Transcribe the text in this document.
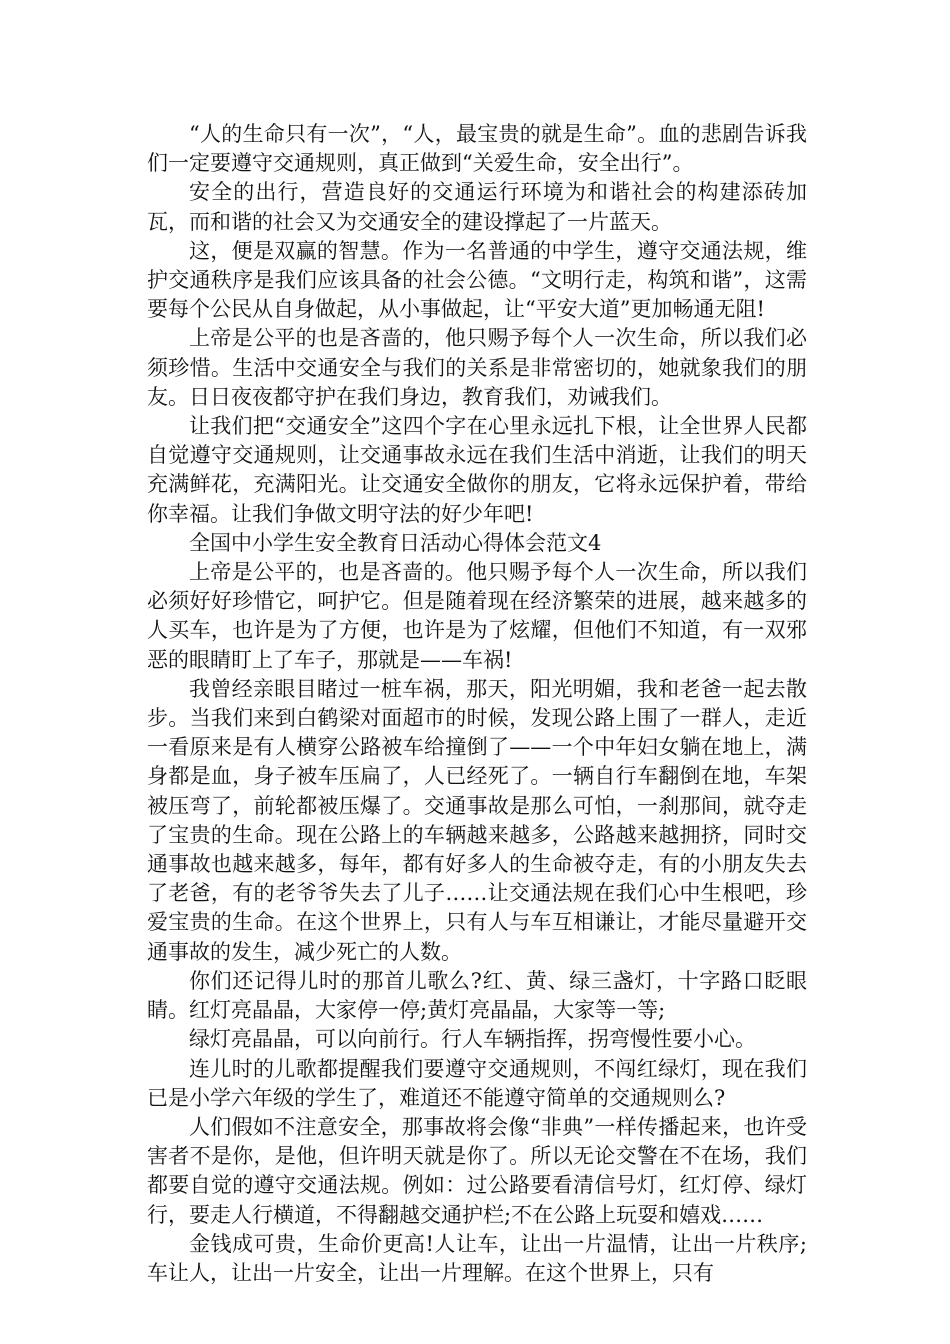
“人的生命只有一次”，“人，最宝贵的就是生命”。血的悲剧告诉我们一定要遵守交通规则，真正做到“关爱生命，安全出行”。

安全的出行，营造良好的交通运行环境为和谐社会的构建添砖加瓦，而和谐的社会又为交通安全的建设撑起了一片蓝天。

这，便是双赢的智慧。作为一名普通的中学生，遵守交通法规，维护交通秩序是我们应该具备的社会公德。“文明行走，构筑和谐”，这需要每个公民从自身做起，从小事做起，让“平安大道”更加畅通无阻!

上帝是公平的也是吝啬的，他只赐予每个人一次生命，所以我们必须珍惜。生活中交通安全与我们的关系是非常密切的，她就象我们的朋友。日日夜夜都守护在我们身边，教育我们，劝诫我们。

让我们把“交通安全”这四个字在心里永远扎下根，让全世界人民都自觉遵守交通规则，让交通事故永远在我们生活中消逝，让我们的明天充满鲜花，充满阳光。让交通安全做你的朋友，它将永远保护着，带给你幸福。让我们争做文明守法的好少年吧!

全国中小学生安全教育日活动心得体会范文4

上帝是公平的，也是吝啬的。他只赐予每个人一次生命，所以我们必须好好珍惜它，呵护它。但是随着现在经济繁荣的进展，越来越多的人买车，也许是为了方便，也许是为了炫耀，但他们不知道，有一双邪恶的眼睛盯上了车子，那就是——车祸!

我曾经亲眼目睹过一桩车祸，那天，阳光明媚，我和老爸一起去散步。当我们来到白鹤梁对面超市的时候，发现公路上围了一群人，走近一看原来是有人横穿公路被车给撞倒了——一个中年妇女躺在地上，满身都是血，身子被车压扁了，人已经死了。一辆自行车翻倒在地，车架被压弯了，前轮都被压爆了。交通事故是那么可怕，一刹那间，就夺走了宝贵的生命。现在公路上的车辆越来越多，公路越来越拥挤，同时交通事故也越来越多，每年，都有好多人的生命被夺走，有的小朋友失去了老爸，有的老爷爷失去了儿子……让交通法规在我们心中生根吧，珍爱宝贵的生命。在这个世界上，只有人与车互相谦让，才能尽量避开交通事故的发生，减少死亡的人数。

你们还记得儿时的那首儿歌么?红、黄、绿三盏灯，十字路口眨眼睛。红灯亮晶晶，大家停一停;黄灯亮晶晶，大家等一等;

绿灯亮晶晶，可以向前行。行人车辆指挥，拐弯慢性要小心。

连儿时的儿歌都提醒我们要遵守交通规则，不闯红绿灯，现在我们已是小学六年级的学生了，难道还不能遵守简单的交通规则么?

人们假如不注意安全，那事故将会像“非典”一样传播起来，也许受害者不是你，是他，但许明天就是你了。所以无论交警在不在场，我们都要自觉的遵守交通法规。例如：过公路要看清信号灯，红灯停、绿灯行，要走人行横道，不得翻越交通护栏;不在公路上玩耍和嬉戏……

金钱成可贵，生命价更高!人让车，让出一片温情，让出一片秩序;车让人，让出一片安全，让出一片理解。在这个世界上，只有
